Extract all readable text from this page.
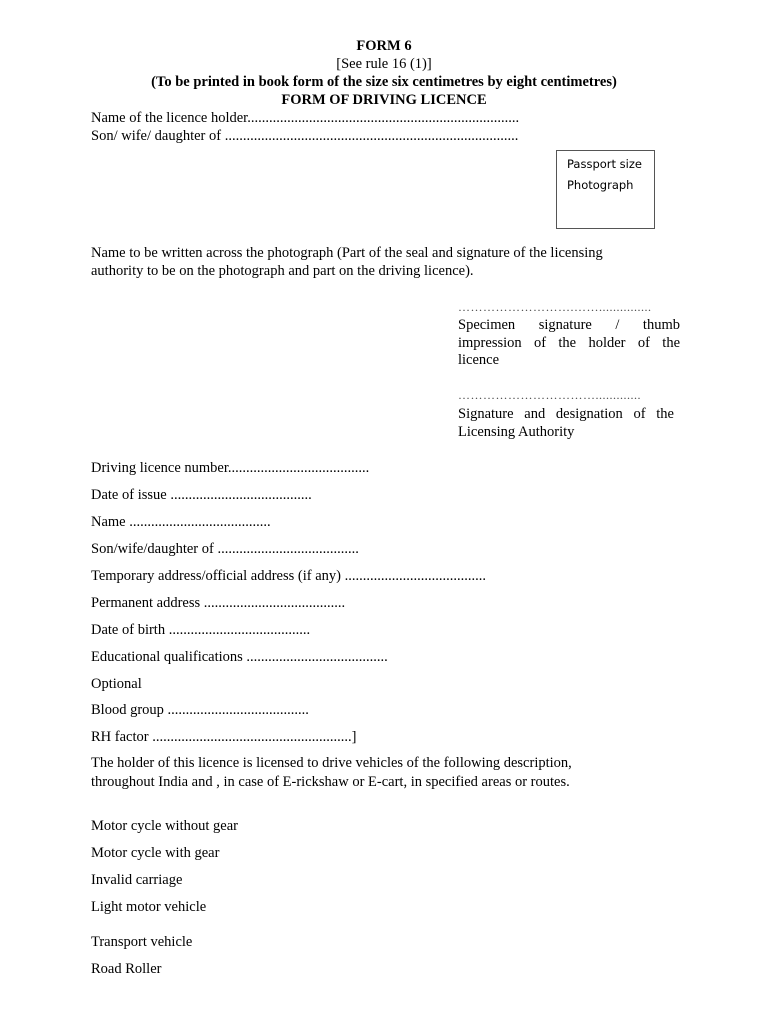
FORM 6
[See rule 16 (1)]
(To be printed in book form of the size six centimetres by eight centimetres)
FORM OF DRIVING LICENCE
Name of the licence holder...........................................................................
Son/ wife/ daughter of .................................................................................
Passport size
Photograph
Name to be written across the photograph (Part of the seal and signature of the licensing
authority to be on the photograph and part on the driving licence).
……………………….……...............
Specimen signature / thumb
impression of the holder of the
licence
…………………………….............
Signature and designation of the
Licensing Authority
Driving licence number.......................................
Date of issue .......................................
Name .......................................
Son/wife/daughter of .......................................
Temporary address/official address (if any) .......................................
Permanent address .......................................
Date of birth .......................................
Educational qualifications .......................................
Optional
Blood group .......................................
RH factor .......................................................]
The holder of this licence is licensed to drive vehicles of the following description,
throughout India and , in case of E-rickshaw or E-cart, in specified areas or routes.
Motor cycle without gear
Motor cycle with gear
Invalid carriage
Light motor vehicle
Transport vehicle
Road Roller
